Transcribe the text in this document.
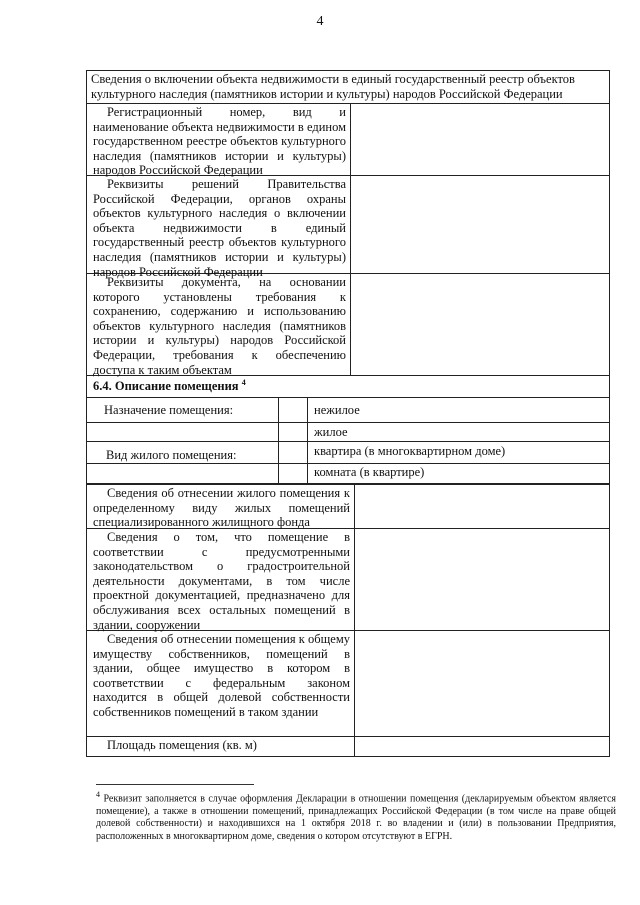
4
Сведения о включении объекта недвижимости в единый государственный реестр объектов культурного наследия (памятников истории и культуры) народов Российской Федерации
Регистрационный номер, вид и наименование объекта недвижимости в едином государственном реестре объектов культурного наследия (памятников истории и культуры) народов Российской Федерации
Реквизиты решений Правительства Российской Федерации, органов охраны объектов культурного наследия о включении объекта недвижимости в единый государственный реестр объектов культурного наследия (памятников истории и культуры) народов Российской Федерации
Реквизиты документа, на основании которого установлены требования к сохранению, содержанию и использованию объектов культурного наследия (памятников истории и культуры) народов Российской Федерации, требования к обеспечению доступа к таким объектам
6.4. Описание помещения $^4$
Назначение помещения:
Вид жилого помещения:
нежилое
жилое
квартира (в многоквартирном доме)
комната (в квартире)
Сведения об отнесении жилого помещения к определенному виду жилых помещений специализированного жилищного фонда
Сведения о том, что помещение в соответствии с предусмотренными законодательством о градостроительной деятельности документами, в том числе проектной документацией, предназначено для обслуживания всех остальных помещений в здании, сооружении
Сведения об отнесении помещения к общему имуществу собственников, помещений в здании, общее имущество в котором в соответствии с федеральным законом находится в общей долевой собственности собственников помещений в таком здании
Площадь помещения (кв. м)
$^4$ Реквизит заполняется в случае оформления Декларации в отношении помещения (декларируемым объектом является помещение), а также в отношении помещений, принадлежащих Российской Федерации (в том числе на праве общей долевой собственности) и находившихся на 1 октября 2018 г. во владении и (или) в пользовании Предприятия, расположенных в многоквартирном доме, сведения о котором отсутствуют в ЕГРН.
